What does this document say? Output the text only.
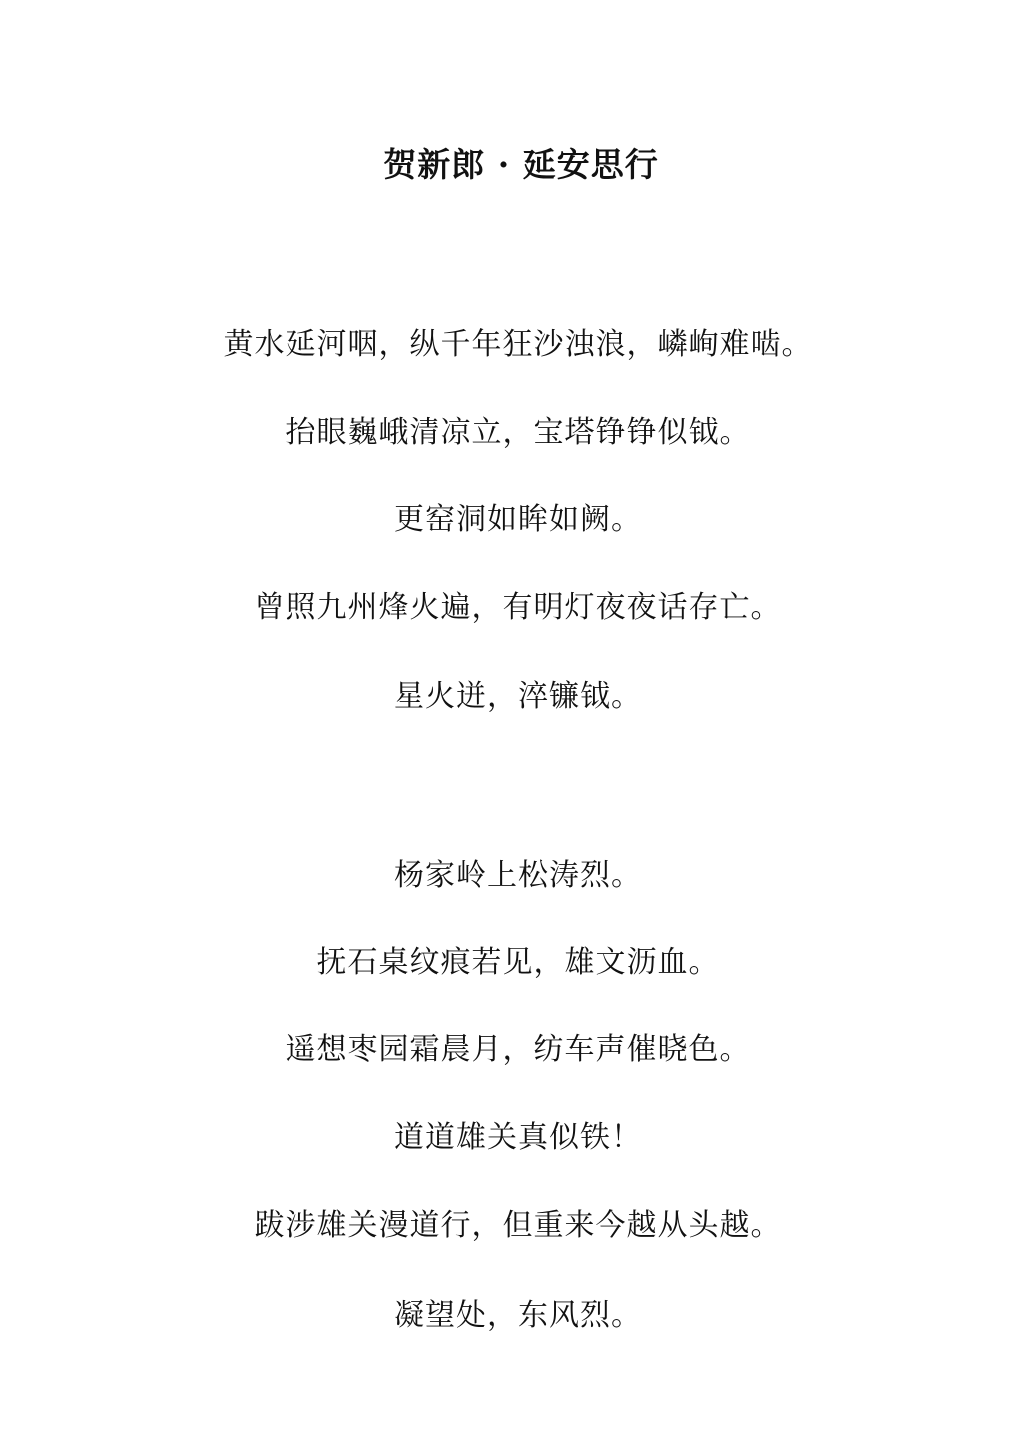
贺新郎 · 延安思行
黄水延河咽，纵千年狂沙浊浪，嶙峋难啮。
抬眼巍峨清凉立，宝塔铮铮似钺。
更窑洞如眸如阙。
曾照九州烽火遍，有明灯夜夜话存亡。
星火迸，淬镰钺。
杨家岭上松涛烈。
抚石桌纹痕若见，雄文沥血。
遥想枣园霜晨月，纺车声催晓色。
道道雄关真似铁！
跋涉雄关漫道行，但重来今越从头越。
凝望处，东风烈。
